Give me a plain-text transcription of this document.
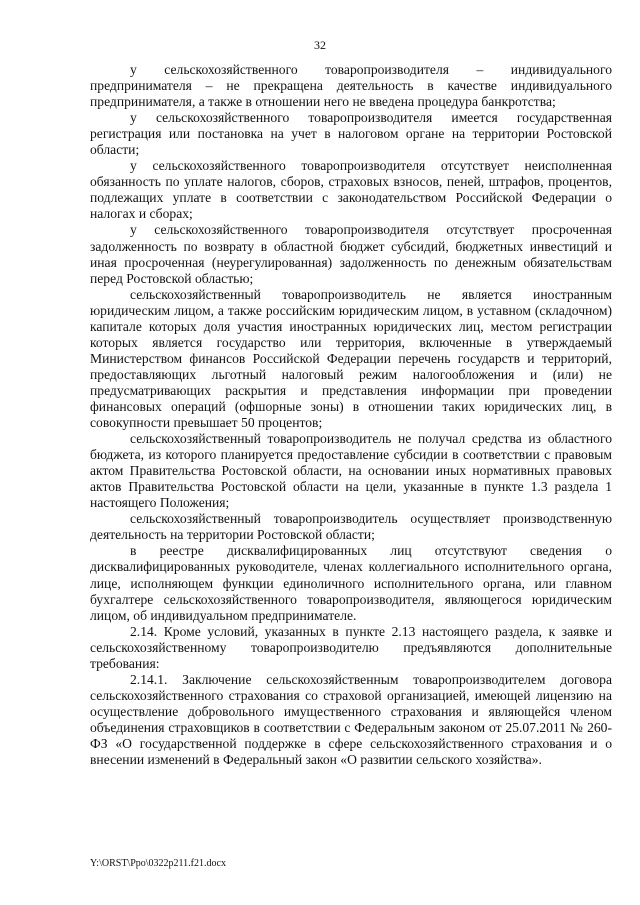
32

у сельскохозяйственного товаропроизводителя – индивидуального предпринимателя – не прекращена деятельность в качестве индивидуального предпринимателя, а также в отношении него не введена процедура банкротства;

у сельскохозяйственного товаропроизводителя имеется государственная регистрация или постановка на учет в налоговом органе на территории Ростовской области;

у сельскохозяйственного товаропроизводителя отсутствует неисполненная обязанность по уплате налогов, сборов, страховых взносов, пеней, штрафов, процентов, подлежащих уплате в соответствии с законодательством Российской Федерации о налогах и сборах;

у сельскохозяйственного товаропроизводителя отсутствует просроченная задолженность по возврату в областной бюджет субсидий, бюджетных инвестиций и иная просроченная (неурегулированная) задолженность по денежным обязательствам перед Ростовской областью;

сельскохозяйственный товаропроизводитель не является иностранным юридическим лицом, а также российским юридическим лицом, в уставном (складочном) капитале которых доля участия иностранных юридических лиц, местом регистрации которых является государство или территория, включенные в утверждаемый Министерством финансов Российской Федерации перечень государств и территорий, предоставляющих льготный налоговый режим налогообложения и (или) не предусматривающих раскрытия и представления информации при проведении финансовых операций (офшорные зоны) в отношении таких юридических лиц, в совокупности превышает 50 процентов;

сельскохозяйственный товаропроизводитель не получал средства из областного бюджета, из которого планируется предоставление субсидии в соответствии с правовым актом Правительства Ростовской области, на основании иных нормативных правовых актов Правительства Ростовской области на цели, указанные в пункте 1.3 раздела 1 настоящего Положения;

сельскохозяйственный товаропроизводитель осуществляет производственную деятельность на территории Ростовской области;

в реестре дисквалифицированных лиц отсутствуют сведения о дисквалифицированных руководителе, членах коллегиального исполнительного органа, лице, исполняющем функции единоличного исполнительного органа, или главном бухгалтере сельскохозяйственного товаропроизводителя, являющегося юридическим лицом, об индивидуальном предпринимателе.

2.14. Кроме условий, указанных в пункте 2.13 настоящего раздела, к заявке и сельскохозяйственному товаропроизводителю предъявляются дополнительные требования:

2.14.1. Заключение сельскохозяйственным товаропроизводителем договора сельскохозяйственного страхования со страховой организацией, имеющей лицензию на осуществление добровольного имущественного страхования и являющейся членом объединения страховщиков в соответствии с Федеральным законом от 25.07.2011 № 260-ФЗ «О государственной поддержке в сфере сельскохозяйственного страхования и о внесении изменений в Федеральный закон «О развитии сельского хозяйства».

Y:\ORST\Ppo\0322p211.f21.docx
